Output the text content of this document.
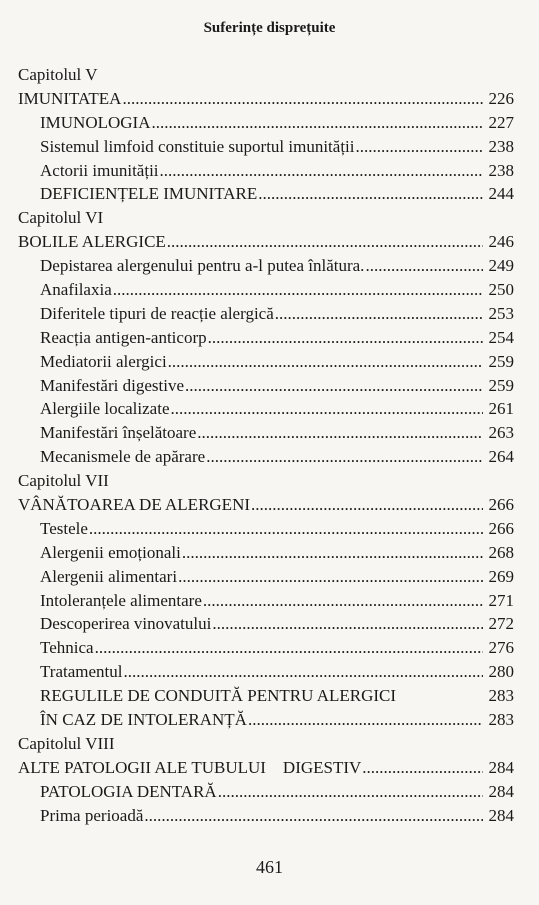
Suferințe disprețuite
Capitolul V
IMUNITATEA .....	226
IMUNOLOGIA .....	227
Sistemul limfoid constituie suportul imunității .....	238
Actorii imunității .....	238
DEFICIENȚELE IMUNITARE .....	244
Capitolul VI
BOLILE ALERGICE .....	246
Depistarea alergenului pentru a-l putea înlătura. .....	249
Anafilaxia .....	250
Diferitele tipuri de reacție alergică .....	253
Reacția antigen-anticorp .....	254
Mediatorii alergici .....	259
Manifestări digestive .....	259
Alergiile localizate .....	261
Manifestări înșelătoare .....	263
Mecanismele de apărare .....	264
Capitolul VII
VÂNĂTOAREA DE ALERGENI .....	266
Testele .....	266
Alergenii emoționali .....	268
Alergenii alimentari .....	269
Intoleranțele alimentare .....	271
Descoperirea vinovatului .....	272
Tehnica .....	276
Tratamentul .....	280
REGULILE DE CONDUITĂ PENTRU ALERGICI	283
ÎN CAZ DE INTOLERANȚĂ .....	283
Capitolul VIII
ALTE PATOLOGII ALE TUBULUI    DIGESTIV .....	284
PATOLOGIA DENTARĂ .....	284
Prima perioadă .....	284
461
